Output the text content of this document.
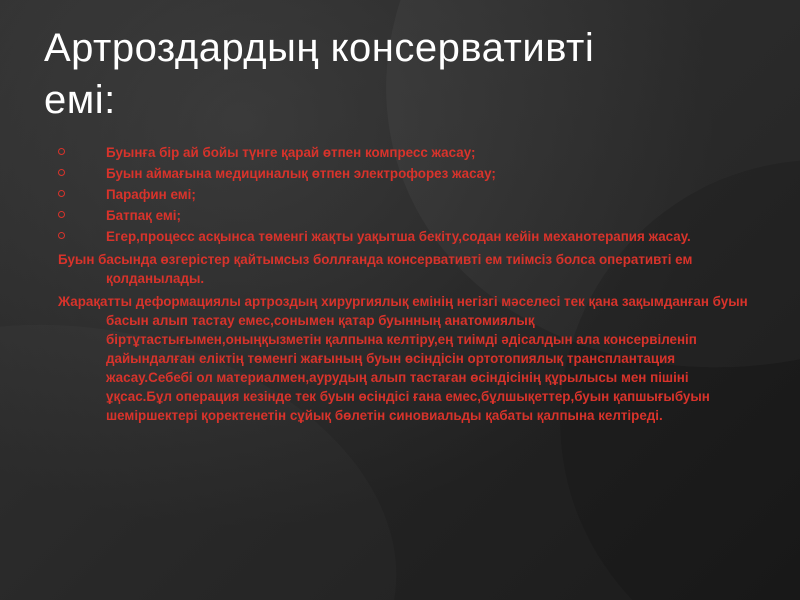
Артроздардың консервативті
емі:
Буынға бір ай бойы түнге қарай өтпен компресс жасау;
Буын аймағына медициналық өтпен электрофорез жасау;
Парафин емі;
Батпақ емі;
Егер,процесс асқынса төменгі жақты уақытша бекіту,содан кейін механотерапия жасау.

Буын басында өзгерістер қайтымсыз боллғанда консервативті ем тиімсіз болса оперативті ем қолданылады.

Жарақатты деформациялы артроздың хирургиялық емінің негізгі мәселесі тек қана зақымданған буын басын алып тастау емес,сонымен қатар буынның анатомиялық біртұтастығымен,оныңқызметін қалпына келтіру,ең тиімді әдісалдын ала консервіленіп дайындалған еліктің төменгі жағының буын өсіндісін ортотопиялық трансплантация жасау.Себебі ол материалмен,аурудың алып тастаған өсіндісінің құрылысы мен пішіні ұқсас.Бұл операция кезінде тек буын өсіндісі ғана емес,бұлшықеттер,буын қапшығыбуын шеміршектері қоректенетін сұйық бөлетін синовиальды қабаты қалпына келтіреді.
